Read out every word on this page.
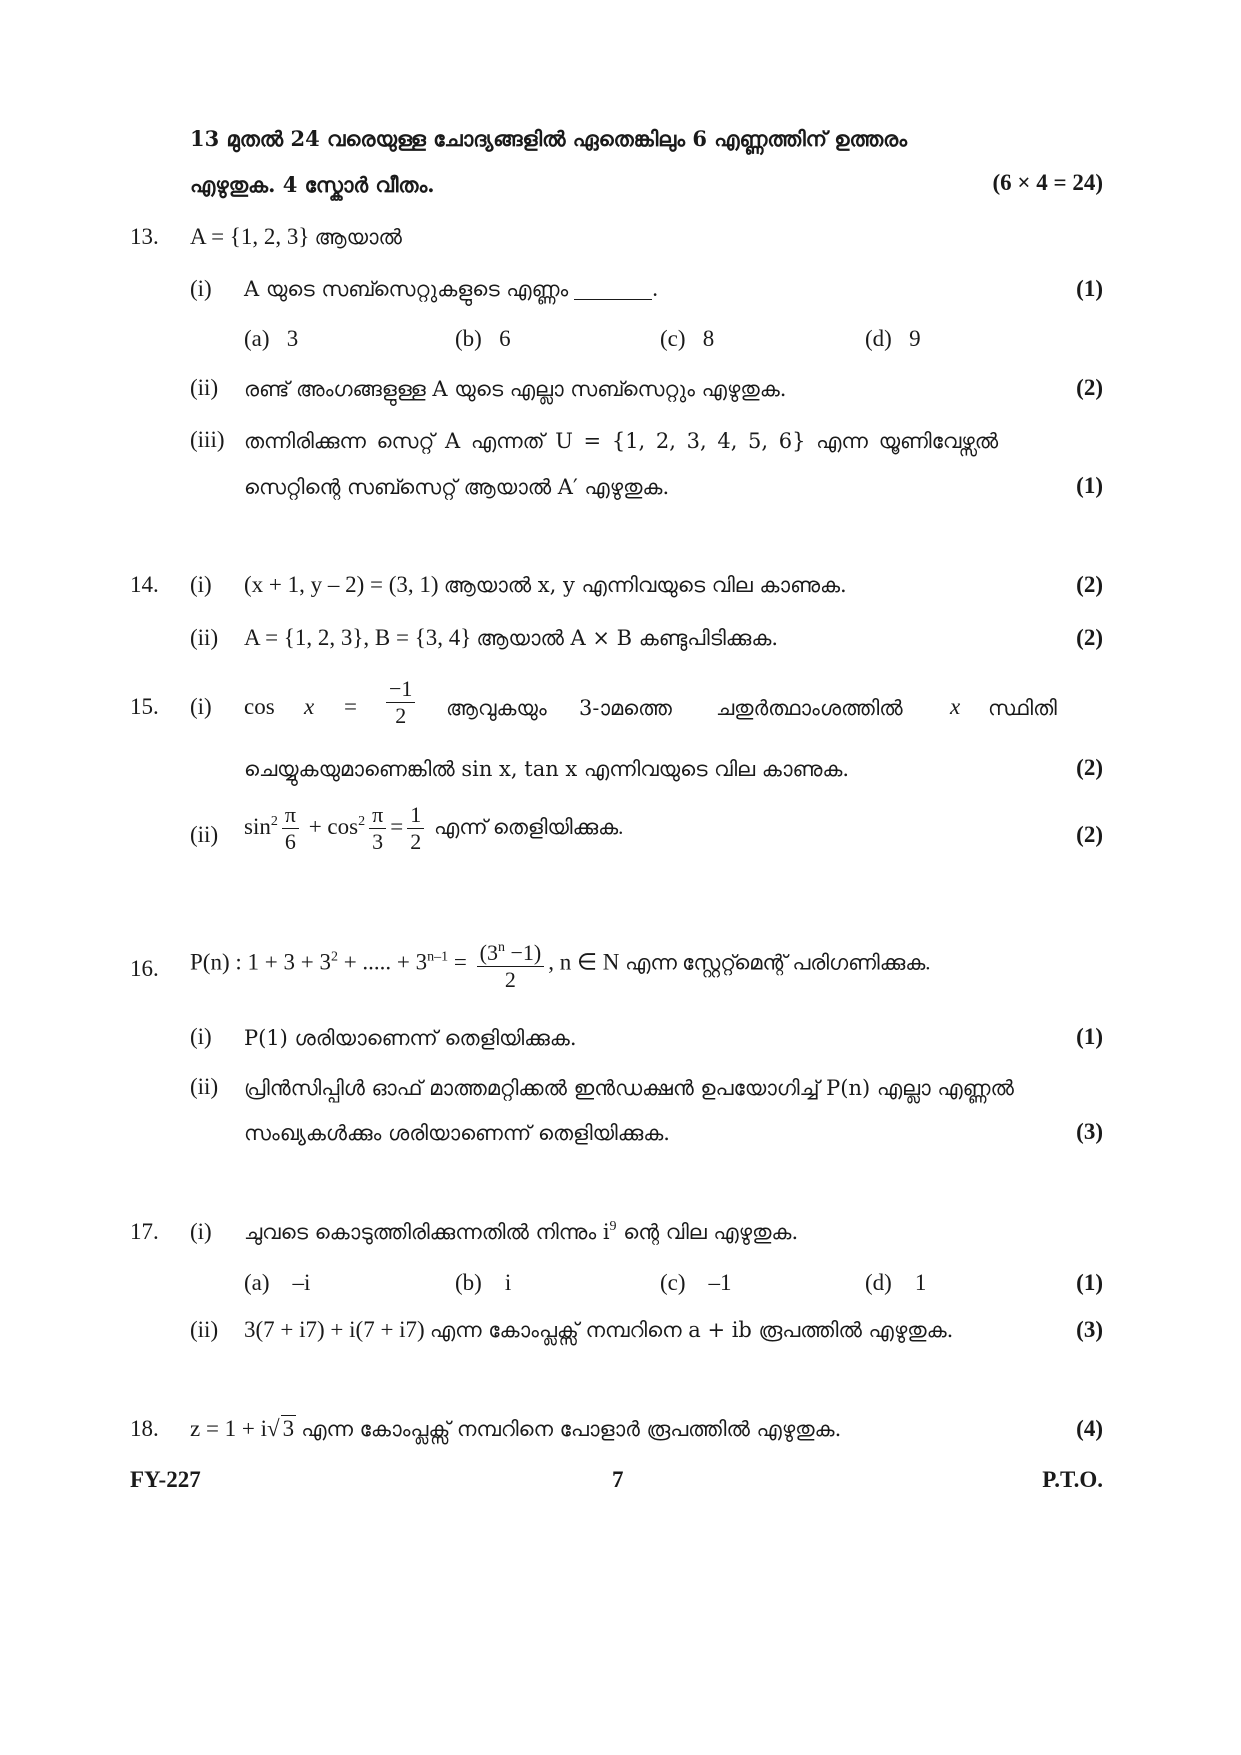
13 മുതൽ 24 വരെയുള്ള ചോദ്യങ്ങളിൽ ഏതെങ്കിലും 6 എണ്ണത്തിന് ഉത്തരം
എഴുതുക. 4 സ്കോർ വീതം.	(6 × 4 = 24)
13. A = {1, 2, 3} ആയാൽ
(i) A യുടെ സബ്സെറ്റുകളുടെ എണ്ണം	.	(1)
(a) 3	(b) 6	(c) 8	(d) 9
(ii) രണ്ട് അംഗങ്ങളുള്ള A യുടെ എല്ലാ സബ്സെറ്റും എഴുതുക.	(2)
(iii) തന്നിരിക്കുന്ന സെറ്റ് A എന്നത് U = {1, 2, 3, 4, 5, 6} എന്ന യൂണിവേഴ്സൽ
സെറ്റിന്റെ സബ്സെറ്റ് ആയാൽ A′ എഴുതുക.	(1)
14. (i) (x + 1, y – 2) = (3, 1) ആയാൽ x, y എന്നിവയുടെ വില കാണുക.	(2)
(ii) A = {1, 2, 3}, B = {3, 4} ആയാൽ A × B കണ്ടുപിടിക്കുക.	(2)
15. (i) $\cos x = \frac{-1}{2}$ ആവുകയും 3-ാമത്തെ ചതുർത്ഥാംശത്തിൽ x സ്ഥിതി
ചെയ്യുകയുമാണെങ്കിൽ sin x, tan x എന്നിവയുടെ വില കാണുക.	(2)
(ii) $\sin^2 \frac{\pi}{6} + \cos^2 \frac{\pi}{3} = \frac{1}{2}$ എന്ന് തെളിയിക്കുക.	(2)
16. P(n) : $1 + 3 + 3^2$ + ..... + $3^{n-1} = \frac{(3^n -1)}{2}$ , n ∈ N എന്ന സ്റ്റേറ്റ്മെന്റ് പരിഗണിക്കുക.
(i) P(1) ശരിയാണെന്ന് തെളിയിക്കുക.	(1)
(ii) പ്രിൻസിപ്പിൾ ഓഫ് മാത്തമറ്റിക്കൽ ഇൻഡക്ഷൻ ഉപയോഗിച്ച് P(n) എല്ലാ എണ്ണൽ
സംഖ്യകൾക്കും ശരിയാണെന്ന് തെളിയിക്കുക.	(3)
17. (i) ചുവടെ കൊടുത്തിരിക്കുന്നതിൽ നിന്നും $i^9$ ന്റെ വില എഴുതുക.
(a) –i	(b) i	(c) –1	(d) 1	(1)
(ii) 3(7 + i7) + i(7 + i7) എന്ന കോംപ്ലക്സ് നമ്പറിനെ a + ib രൂപത്തിൽ എഴുതുക.	(3)
18. z = 1 + i√ 3 എന്ന കോംപ്ലക്സ് നമ്പറിനെ പോളാർ രൂപത്തിൽ എഴുതുക.	(4)
FY-227	7	P.T.O.
